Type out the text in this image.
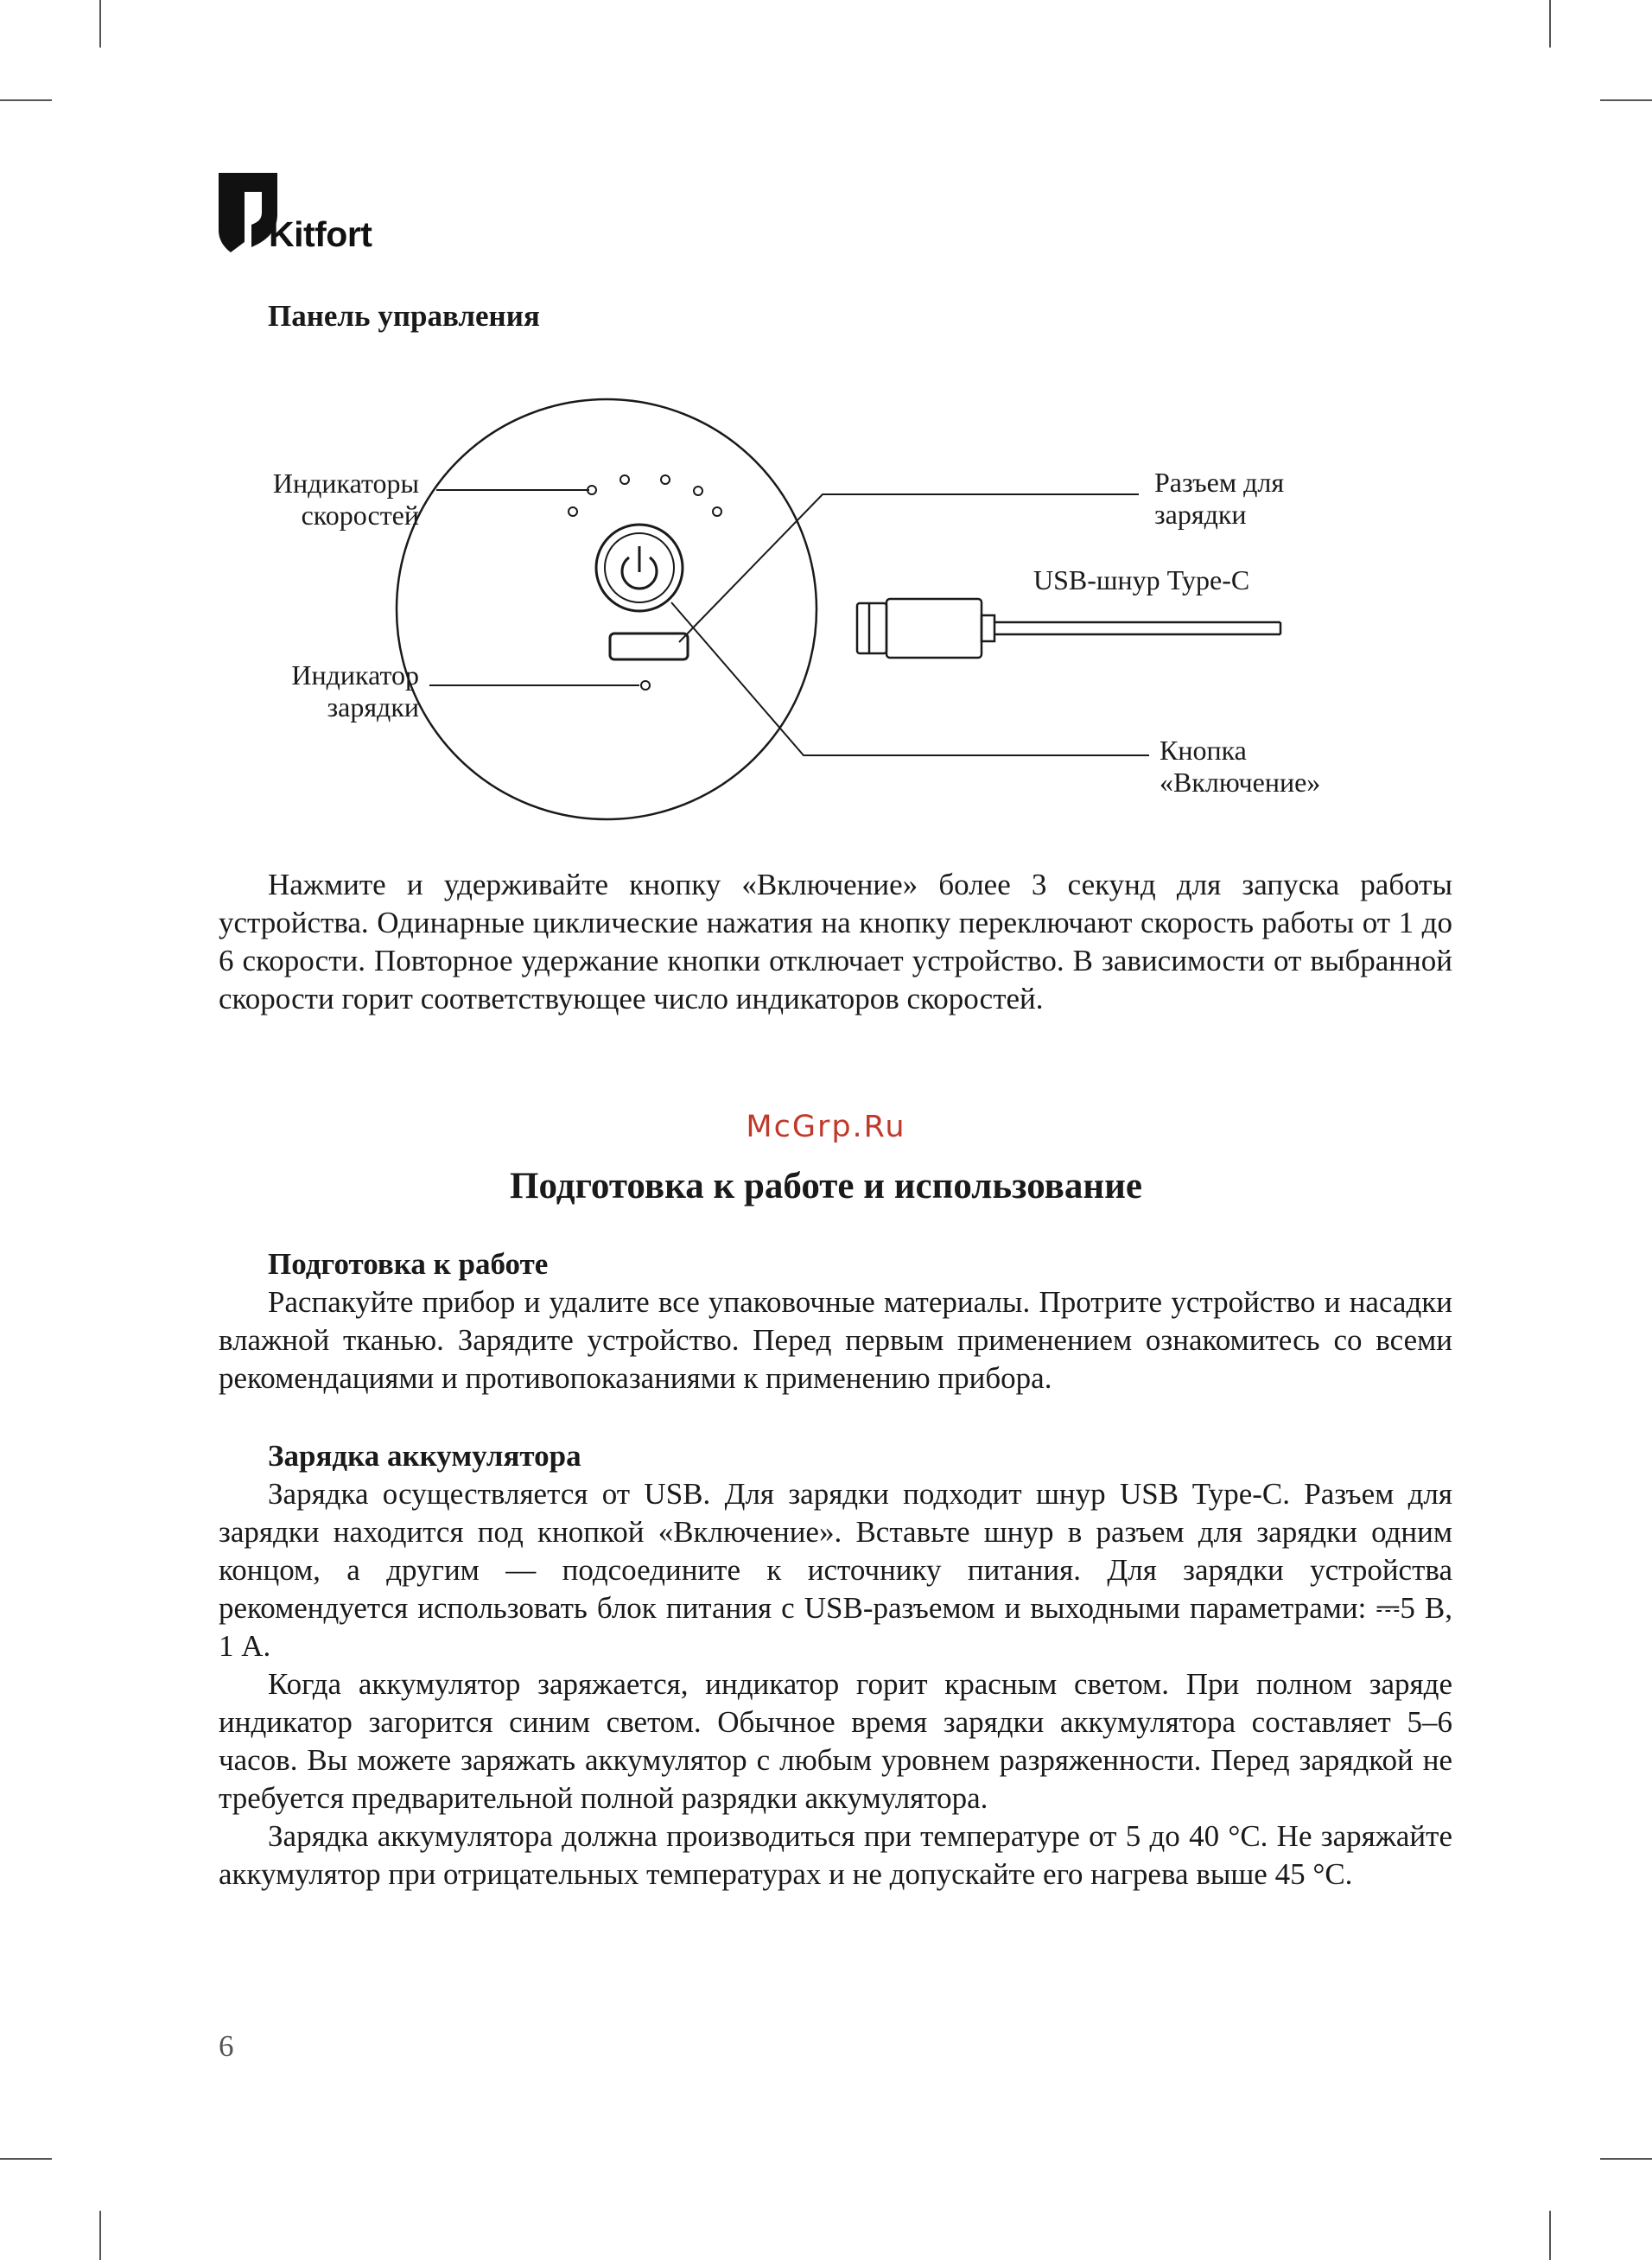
Kitfort
Панель управления
Индикаторы
скоростей
Индикатор
зарядки
Разъем для
зарядки
USB-шнур Type-C
Кнопка
«Включение»

Нажмите и удерживайте кнопку «Включение» более 3 секунд для запуска работы устройства. Одинарные циклические нажатия на кнопку переключают скорость работы от 1 до 6 скорости. Повторное удержание кнопки отключает устройство. В зависимости от выбранной скорости горит соответствующее число индикаторов скоростей.

McGrp.Ru
Подготовка к работе и использование
Подготовка к работе

Распакуйте прибор и удалите все упаковочные материалы. Протрите устройство и насадки влажной тканью. Зарядите устройство. Перед первым применением ознакомитесь со всеми рекомендациями и противопоказаниями к применению прибора.

Зарядка аккумулятора

Зарядка осуществляется от USB. Для зарядки подходит шнур USB Type-C. Разъем для зарядки находится под кнопкой «Включение». Вставьте шнур в разъем для зарядки одним концом, а другим — подсоедините к источнику питания. Для зарядки устройства рекомендуется использовать блок питания с USB-разъемом и выходными параметрами: ⎓5 В, 1 А.

Когда аккумулятор заряжается, индикатор горит красным светом. При полном заряде индикатор загорится синим светом. Обычное время зарядки аккумулятора составляет 5–6 часов. Вы можете заряжать аккумулятор с любым уровнем разряженности. Перед зарядкой не требуется предварительной полной разрядки аккумулятора.

Зарядка аккумулятора должна производиться при температуре от 5 до 40 °С. Не заряжайте аккумулятор при отрицательных температурах и не допускайте его нагрева выше 45 °С.

6
